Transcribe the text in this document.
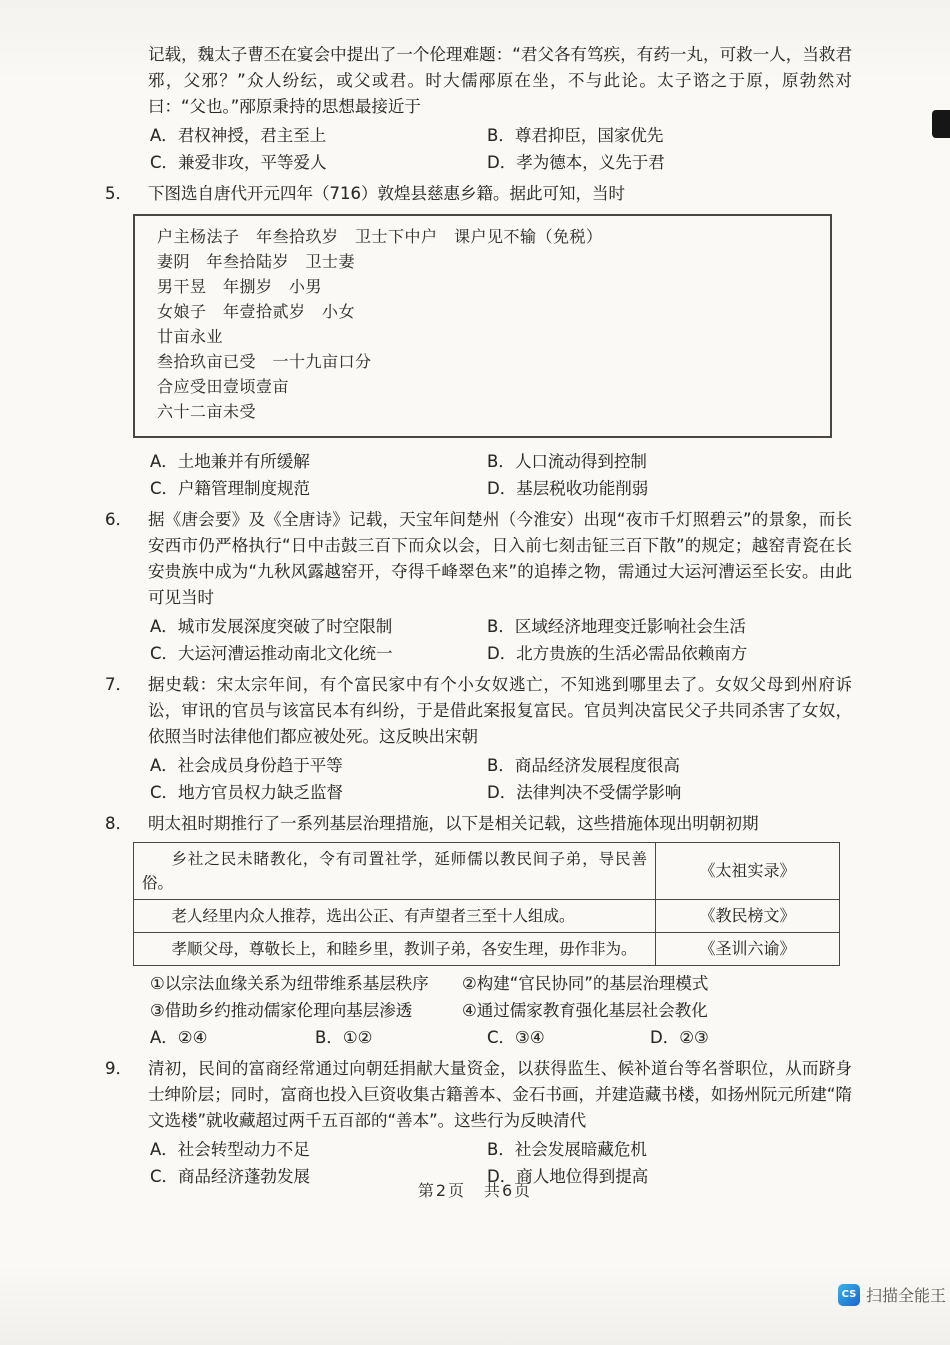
记载，魏太子曹丕在宴会中提出了一个伦理难题：“君父各有笃疾，有药一丸，可救一人，当救君邪，父邪？”众人纷纭，或父或君。时大儒邴原在坐，不与此论。太子谘之于原，原勃然对曰：“父也。”邴原秉持的思想最接近于

A．君权神授，君主至上	B．尊君抑臣，国家优先
C．兼爱非攻，平等爱人	D．孝为德本，义先于君
5． 下图选自唐代开元四年（716）敦煌县慈惠乡籍。据此可知，当时

户主杨法子　年叁拾玖岁　卫士下中户　课户见不输（免税）
妻阴　年叁拾陆岁　卫士妻
男干昱　年捌岁　小男
女娘子　年壹拾贰岁　小女
廿亩永业
叁拾玖亩已受　一十九亩口分
合应受田壹顷壹亩
六十二亩未受
A．土地兼并有所缓解	B．人口流动得到控制
C．户籍管理制度规范	D．基层税收功能削弱
6． 据《唐会要》及《全唐诗》记载，天宝年间楚州（今淮安）出现“夜市千灯照碧云”的景象，而长安西市仍严格执行“日中击鼓三百下而众以会，日入前七刻击钲三百下散”的规定；越窑青瓷在长安贵族中成为“九秋风露越窑开，夺得千峰翠色来”的追捧之物，需通过大运河漕运至长安。由此可见当时

A．城市发展深度突破了时空限制	B．区域经济地理变迁影响社会生活
C．大运河漕运推动南北文化统一	D．北方贵族的生活必需品依赖南方
7． 据史载：宋太宗年间，有个富民家中有个小女奴逃亡，不知逃到哪里去了。女奴父母到州府诉讼，审讯的官员与该富民本有纠纷，于是借此案报复富民。官员判决富民父子共同杀害了女奴，依照当时法律他们都应被处死。这反映出宋朝

A．社会成员身份趋于平等	B．商品经济发展程度很高
C．地方官员权力缺乏监督	D．法律判决不受儒学影响
8． 明太祖时期推行了一系列基层治理措施，以下是相关记载，这些措施体现出明朝初期

乡社之民未睹教化，令有司置社学，延师儒以教民间子弟，导民善俗。	《太祖实录》
老人经里内众人推荐，选出公正、有声望者三至十人组成。	《教民榜文》
孝顺父母，尊敬长上，和睦乡里，教训子弟，各安生理，毋作非为。	《圣训六谕》
①以宗法血缘关系为纽带维系基层秩序	②构建“官民协同”的基层治理模式
③借助乡约推动儒家伦理向基层渗透	④通过儒家教育强化基层社会教化
A．②④	B．①②	C．③④	D．②③
9． 清初，民间的富商经常通过向朝廷捐献大量资金，以获得监生、候补道台等名誉职位，从而跻身士绅阶层；同时，富商也投入巨资收集古籍善本、金石书画，并建造藏书楼，如扬州阮元所建“隋文选楼”就收藏超过两千五百部的“善本”。这些行为反映清代

A．社会转型动力不足	B．社会发展暗藏危机
C．商品经济蓬勃发展	D．商人地位得到提高
第2页　共6页
CS 扫描全能王
